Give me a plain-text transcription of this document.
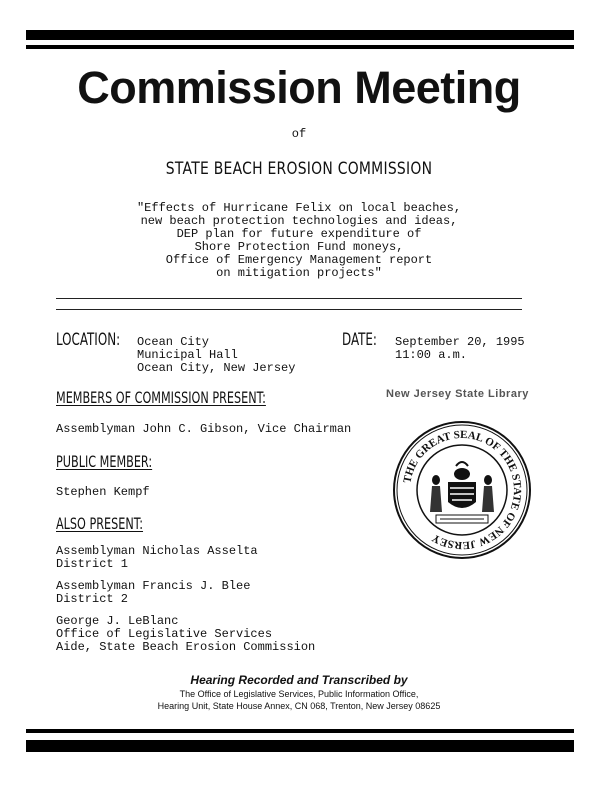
Commission Meeting
of
STATE BEACH EROSION COMMISSION
"Effects of Hurricane Felix on local beaches,
new beach protection technologies and ideas,
DEP plan for future expenditure of
Shore Protection Fund moneys,
Office of Emergency Management report
on mitigation projects"
LOCATION: Ocean City
Municipal Hall
Ocean City, New Jersey
DATE: September 20, 1995
11:00 a.m.
MEMBERS OF COMMISSION PRESENT:
Assemblyman John C. Gibson, Vice Chairman
New Jersey State Library
THE GREAT SEAL OF THE STATE OF NEW JERSEY
PUBLIC MEMBER:
Stephen Kempf
ALSO PRESENT:
Assemblyman Nicholas Asselta
District 1
Assemblyman Francis J. Blee
District 2
George J. LeBlanc
Office of Legislative Services
Aide, State Beach Erosion Commission
Hearing Recorded and Transcribed by
The Office of Legislative Services, Public Information Office,
Hearing Unit, State House Annex, CN 068, Trenton, New Jersey 08625
